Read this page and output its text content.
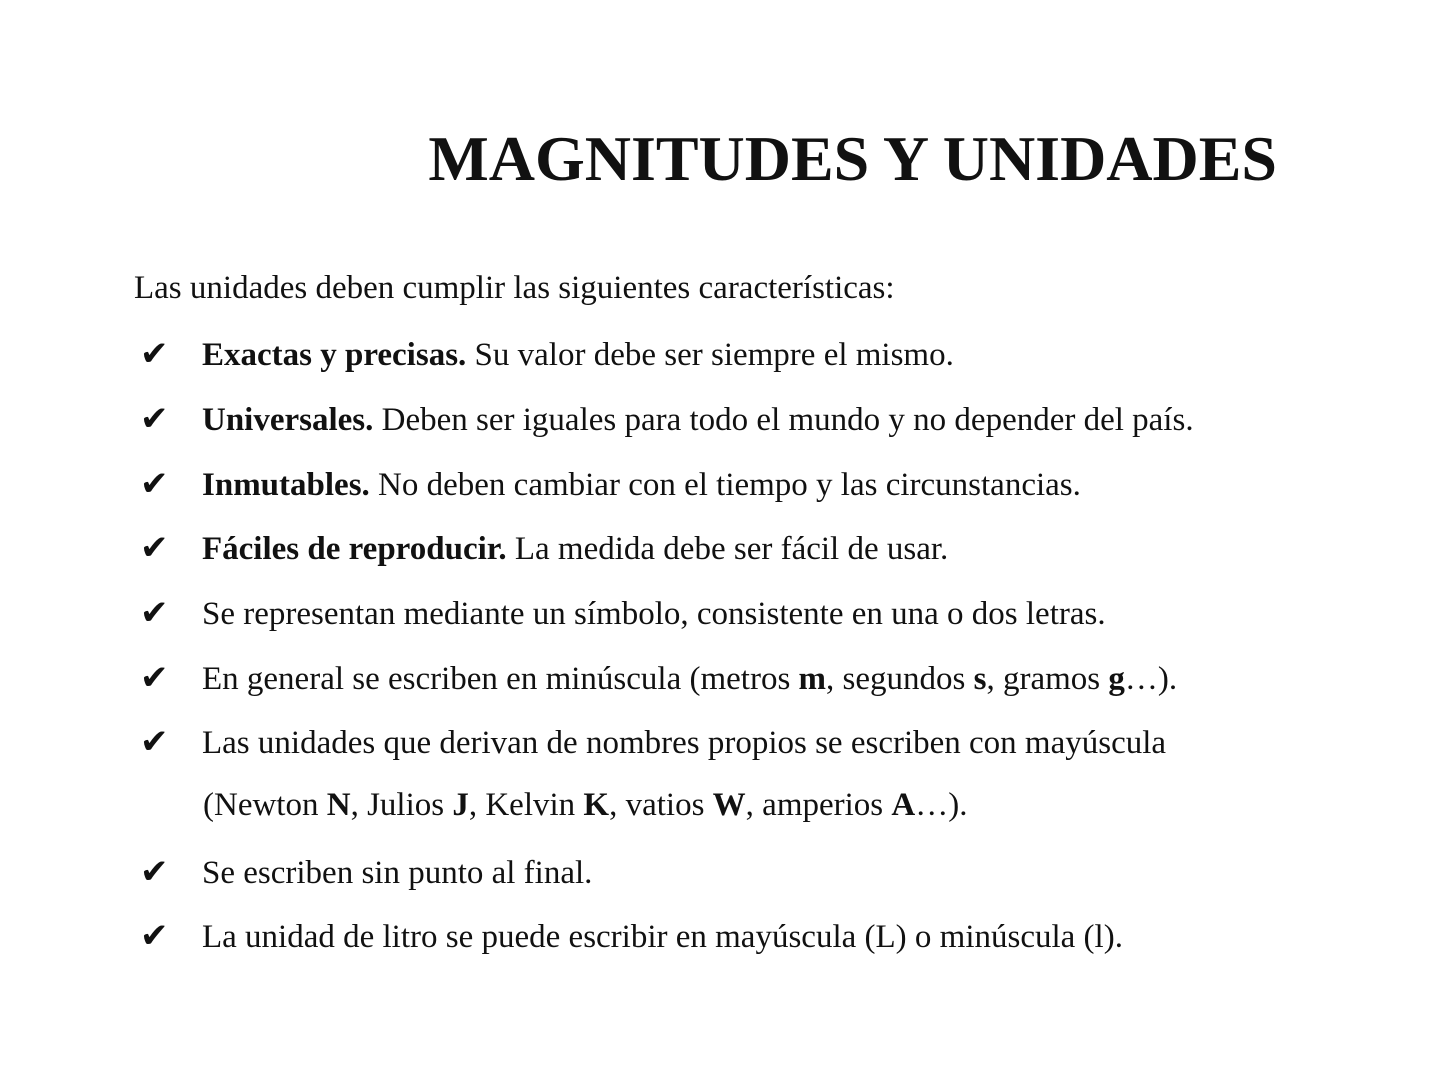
MAGNITUDES Y UNIDADES

Las unidades deben cumplir las siguientes características:

✔ Exactas y precisas. Su valor debe ser siempre el mismo.
✔ Universales. Deben ser iguales para todo el mundo y no depender del país.
✔ Inmutables. No deben cambiar con el tiempo y las circunstancias.
✔ Fáciles de reproducir. La medida debe ser fácil de usar.
✔ Se representan mediante un símbolo, consistente en una o dos letras.
✔ En general se escriben en minúscula (metros m, segundos s, gramos g…).
✔ Las unidades que derivan de nombres propios se escriben con mayúscula
(Newton N, Julios J, Kelvin K, vatios W, amperios A…).
✔ Se escriben sin punto al final.
✔ La unidad de litro se puede escribir en mayúscula (L) o minúscula (l).
